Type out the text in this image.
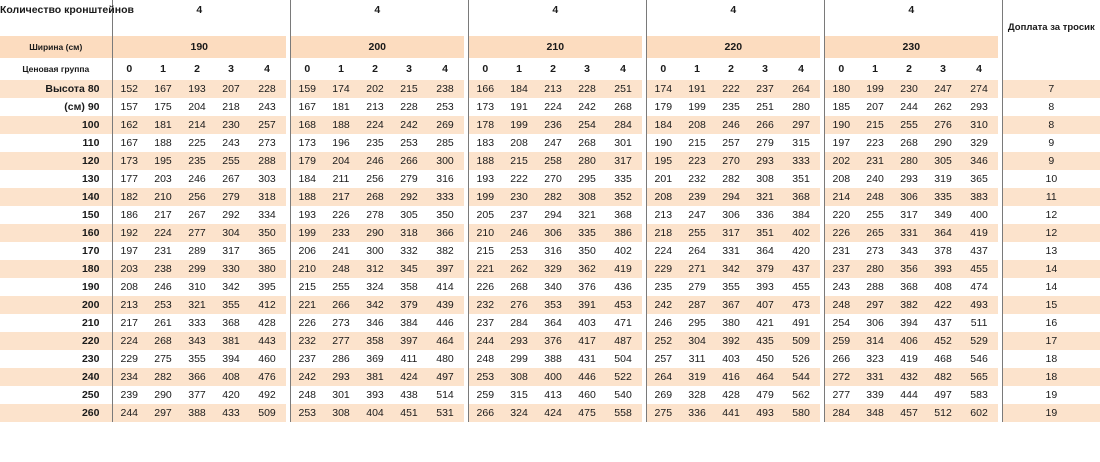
Количество кронштейнов	4						4						4						4						4						Доплата за тросик
Ширина (см)	190						200						210						220						230						
Ценовая группа	0	1	2	3	4		0	1	2	3	4		0	1	2	3	4		0	1	2	3	4		0	1	2	3	4		
Высота 80	152	167	193	207	228		159	174	202	215	238		166	184	213	228	251		174	191	222	237	264		180	199	230	247	274		7
(см) 90	157	175	204	218	243		167	181	213	228	253		173	191	224	242	268		179	199	235	251	280		185	207	244	262	293		8
100	162	181	214	230	257		168	188	224	242	269		178	199	236	254	284		184	208	246	266	297		190	215	255	276	310		8
110	167	188	225	243	273		173	196	235	253	285		183	208	247	268	301		190	215	257	279	315		197	223	268	290	329		9
120	173	195	235	255	288		179	204	246	266	300		188	215	258	280	317		195	223	270	293	333		202	231	280	305	346		9
130	177	203	246	267	303		184	211	256	279	316		193	222	270	295	335		201	232	282	308	351		208	240	293	319	365		10
140	182	210	256	279	318		188	217	268	292	333		199	230	282	308	352		208	239	294	321	368		214	248	306	335	383		11
150	186	217	267	292	334		193	226	278	305	350		205	237	294	321	368		213	247	306	336	384		220	255	317	349	400		12
160	192	224	277	304	350		199	233	290	318	366		210	246	306	335	386		218	255	317	351	402		226	265	331	364	419		12
170	197	231	289	317	365		206	241	300	332	382		215	253	316	350	402		224	264	331	364	420		231	273	343	378	437		13
180	203	238	299	330	380		210	248	312	345	397		221	262	329	362	419		229	271	342	379	437		237	280	356	393	455		14
190	208	246	310	342	395		215	255	324	358	414		226	268	340	376	436		235	279	355	393	455		243	288	368	408	474		14
200	213	253	321	355	412		221	266	342	379	439		232	276	353	391	453		242	287	367	407	473		248	297	382	422	493		15
210	217	261	333	368	428		226	273	346	384	446		237	284	364	403	471		246	295	380	421	491		254	306	394	437	511		16
220	224	268	343	381	443		232	277	358	397	464		244	293	376	417	487		252	304	392	435	509		259	314	406	452	529		17
230	229	275	355	394	460		237	286	369	411	480		248	299	388	431	504		257	311	403	450	526		266	323	419	468	546		18
240	234	282	366	408	476		242	293	381	424	497		253	308	400	446	522		264	319	416	464	544		272	331	432	482	565		18
250	239	290	377	420	492		248	301	393	438	514		259	315	413	460	540		269	328	428	479	562		277	339	444	497	583		19
260	244	297	388	433	509		253	308	404	451	531		266	324	424	475	558		275	336	441	493	580		284	348	457	512	602		19
